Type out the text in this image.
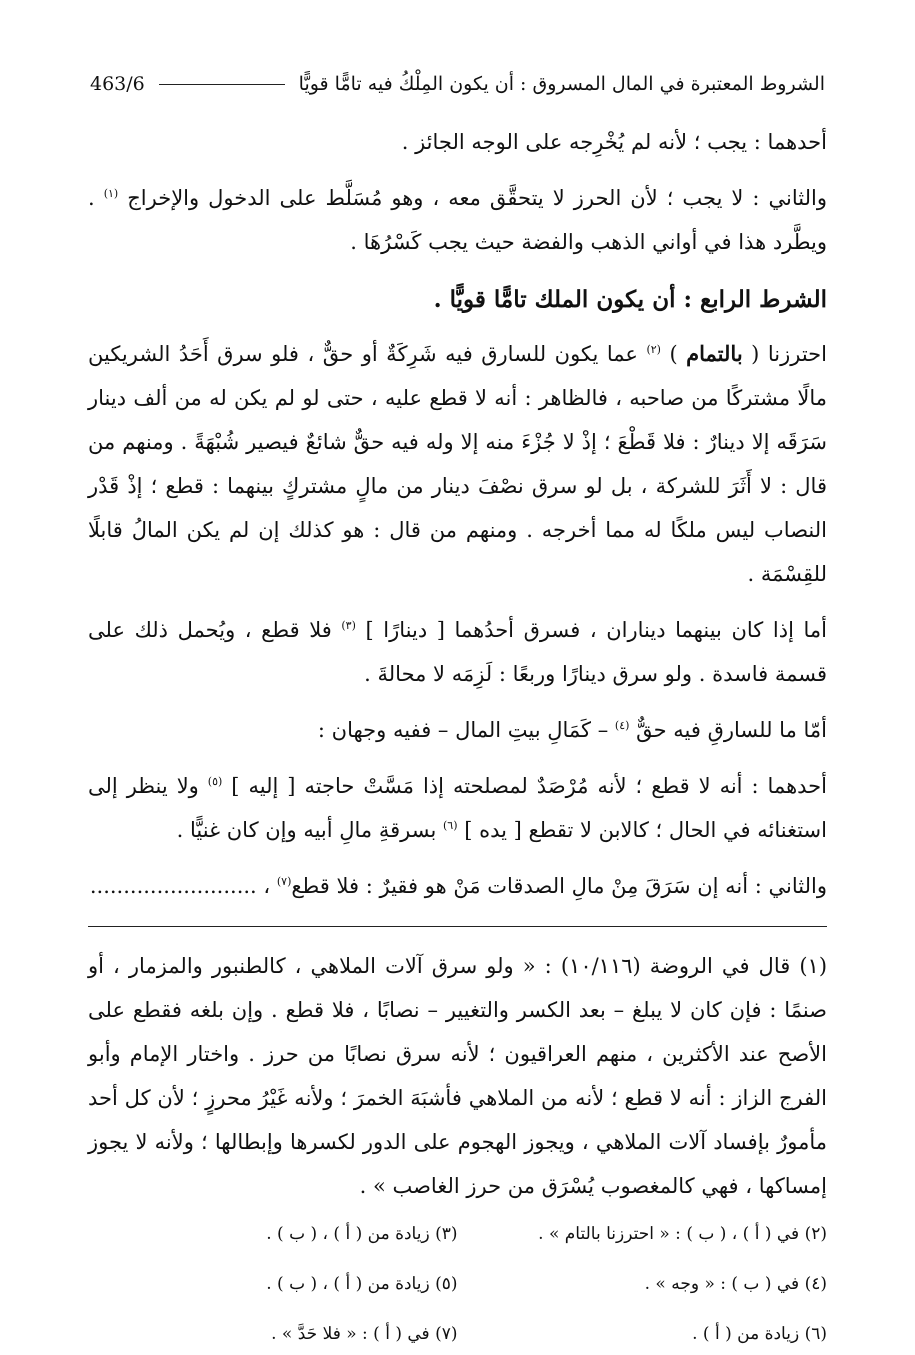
الشروط المعتبرة في المال المسروق : أن يكون المِلْكُ فيه تامًّا قويًّا
463/6

أحدهما : يجب ؛ لأنه لم يُخْرِجه على الوجه الجائز .

والثاني : لا يجب ؛ لأن الحرز لا يتحقَّق معه ، وهو مُسَلَّط على الدخول والإخراج $^{(١)}$ . ويطَّرد هذا في أواني الذهب والفضة حيث يجب كَسْرُهَا .

الشرط الرابع : أن يكون الملك تامًّا قويًّا .

احترزنا ( بالتمام ) $^{(٢)}$ عما يكون للسارق فيه شَرِكَةٌ أو حقٌّ ، فلو سرق أَحَدُ الشريكين مالًا مشتركًا من صاحبه ، فالظاهر : أنه لا قطع عليه ، حتى لو لم يكن له من ألف دينار سَرَقَه إلا دينارٌ : فلا قَطْعَ ؛ إذْ لا جُزْءَ منه إلا وله فيه حقٌّ شائعٌ فيصير شُبْهَةً . ومنهم من قال : لا أَثَرَ للشركة ، بل لو سرق نصْفَ دينار من مالٍ مشتركٍ بينهما : قطع ؛ إذْ قَدْر النصاب ليس ملكًا له مما أخرجه . ومنهم من قال : هو كذلك إن لم يكن المالُ قابلًا للقِسْمَة .

أما إذا كان بينهما ديناران ، فسرق أحدُهما [ دينارًا ] $^{(٣)}$ فلا قطع ، ويُحمل ذلك على قسمة فاسدة . ولو سرق دينارًا وربعًا : لَزِمَه لا محالةَ .

أمّا ما للسارقِ فيه حقٌّ $^{(٤)}$ – كَمَالِ بيتِ المال – ففيه وجهان :

أحدهما : أنه لا قطع ؛ لأنه مُرْصَدٌ لمصلحته إذا مَسَّتْ حاجته [ إليه ] $^{(٥)}$ ولا ينظر إلى استغنائه في الحال ؛ كالابن لا تقطع [ يده ] $^{(٦)}$ بسرقةِ مالِ أبيه وإن كان غنيًّا .

والثاني : أنه إن سَرَقَ مِنْ مالِ الصدقات مَنْ هو فقيرٌ : فلا قطع$^{(٧)}$ ، .........................

(١) قال في الروضة (١٠/١١٦) : « ولو سرق آلات الملاهي ، كالطنبور والمزمار ، أو صنمًا : فإن كان لا يبلغ – بعد الكسر والتغيير – نصابًا ، فلا قطع . وإن بلغه فقطع على الأصح عند الأكثرين ، منهم العراقيون ؛ لأنه سرق نصابًا من حرز . واختار الإمام وأبو الفرج الزاز : أنه لا قطع ؛ لأنه من الملاهي فأشبَهَ الخمرَ ؛ ولأنه غَيْرُ محرزٍ ؛ لأن كل أحد مأمورٌ بإفساد آلات الملاهي ، ويجوز الهجوم على الدور لكسرها وإبطالها ؛ ولأنه لا يجوز إمساكها ، فهي كالمغصوب يُسْرَق من حرز الغاصب » .

(٢) في ( أ ) ، ( ب ) : « احترزنا بالتام » .
(٣) زيادة من ( أ ) ، ( ب ) .
(٤) في ( ب ) : « وجه » .
(٥) زيادة من ( أ ) ، ( ب ) .
(٦) زيادة من ( أ ) .
(٧) في ( أ ) : « فلا حَدَّ » .
